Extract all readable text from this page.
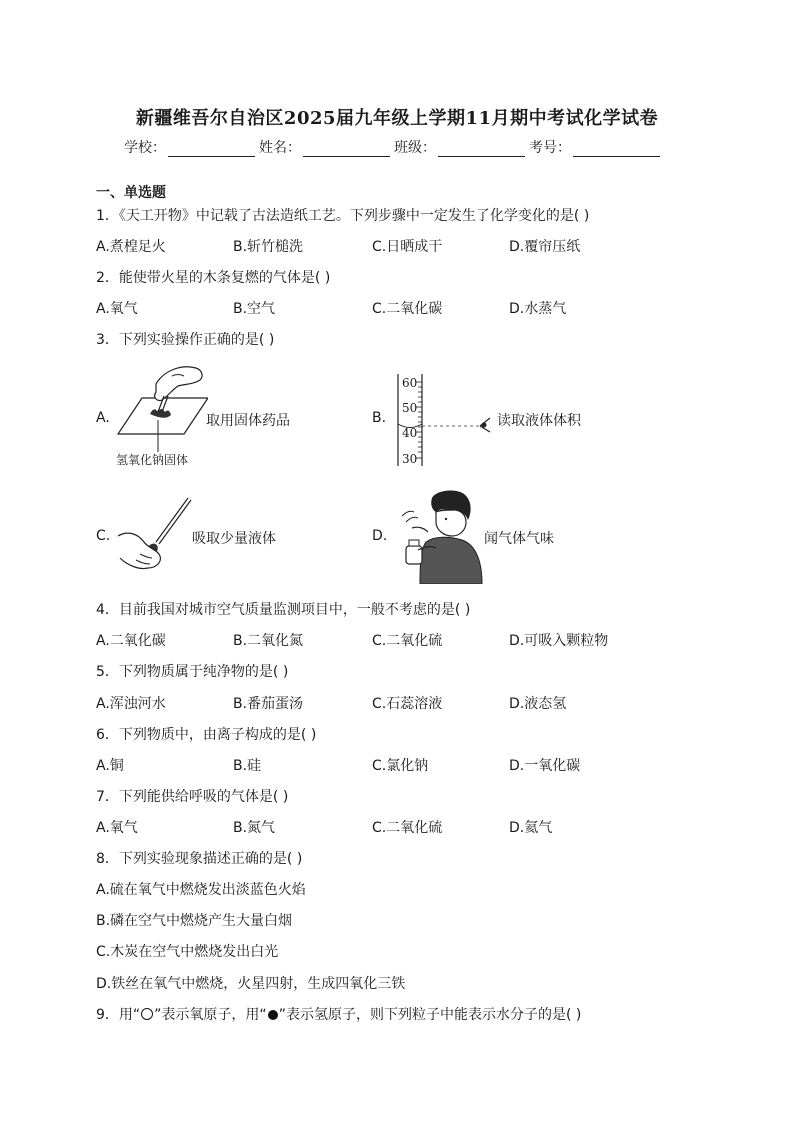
新疆维吾尔自治区2025届九年级上学期11月期中考试化学试卷
学校：	姓名：	班级：	考号：
一、单选题
1．《天工开物》中记载了古法造纸工艺。下列步骤中一定发生了化学变化的是( )
A.煮楻足火	B.斩竹槌洗	C.日晒成干	D.覆帘压纸
2．能使带火星的木条复燃的气体是( )
A.氧气	B.空气	C.二氧化碳	D.水蒸气
3．下列实验操作正确的是( )
A.
氢氧化钠固体
取用固体药品	B.
60
50
40
30
读取液体体积
C.	吸取少量液体	D.	闻气体气味
4．目前我国对城市空气质量监测项目中，一般不考虑的是( )
A.二氧化碳	B.二氧化氮	C.二氧化硫	D.可吸入颗粒物
5．下列物质属于纯净物的是( )
A.浑浊河水	B.番茄蛋汤	C.石蕊溶液	D.液态氢
6．下列物质中，由离子构成的是( )
A.铜	B.硅	C.氯化钠	D.一氧化碳
7．下列能供给呼吸的气体是( )
A.氧气	B.氮气	C.二氧化硫	D.氦气
8．下列实验现象描述正确的是( )
A.硫在氧气中燃烧发出淡蓝色火焰
B.磷在空气中燃烧产生大量白烟
C.木炭在空气中燃烧发出白光
D.铁丝在氧气中燃烧，火星四射，生成四氧化三铁
9．用“ ”表示氧原子，用“ ”表示氢原子，则下列粒子中能表示水分子的是( )
